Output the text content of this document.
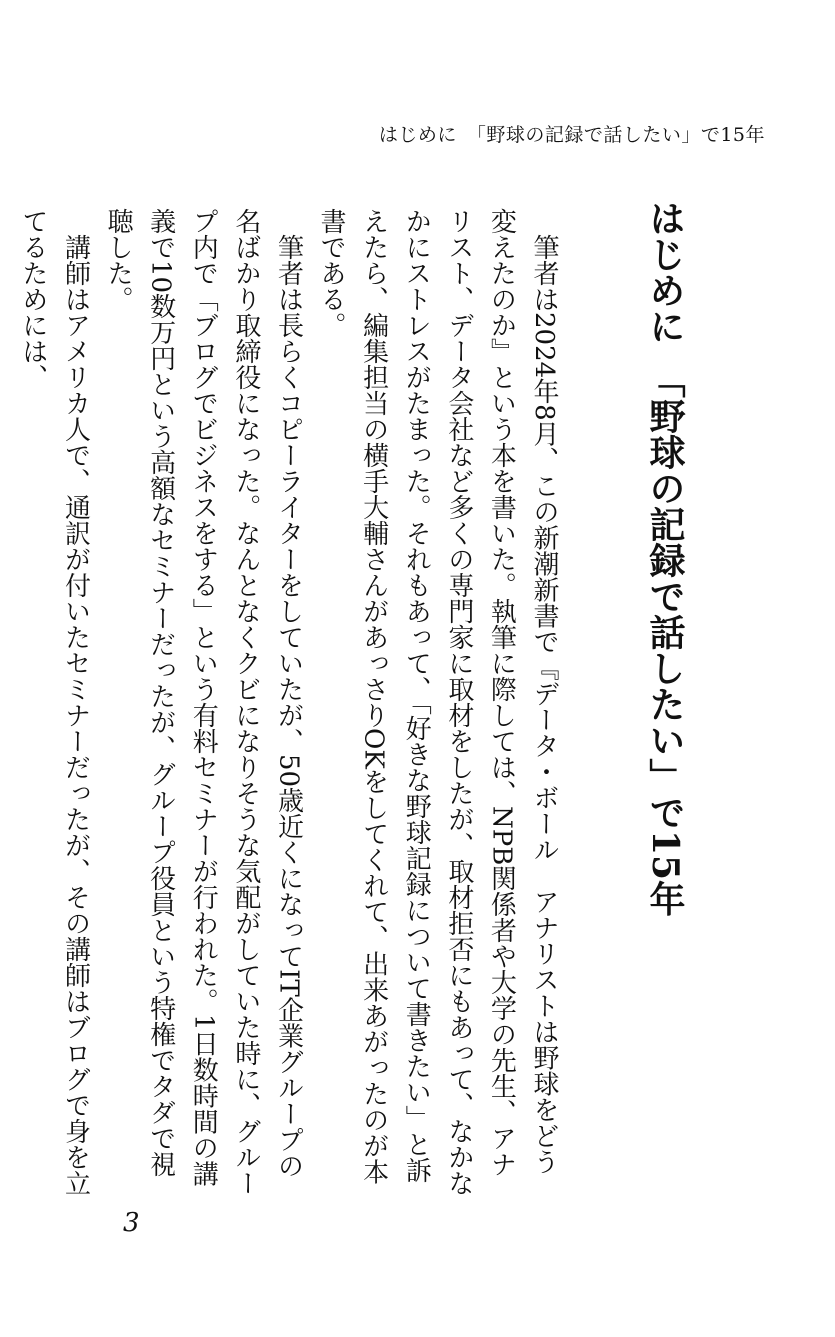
はじめに　「野球の記録で話したい」で15年
はじめに　「野球の記録で話したい」で15年

筆者は2024年8月、この新潮新書で『データ・ボール　アナリストは野球をどう変えたのか』という本を書いた。執筆に際しては、NPB関係者や大学の先生、アナリスト、データ会社など多くの専門家に取材をしたが、取材拒否にもあって、なかなかにストレスがたまった。それもあって、「好きな野球記録について書きたい」と訴えたら、編集担当の横手大輔さんがあっさりOKをしてくれて、出来あがったのが本書である。

筆者は長らくコピーライターをしていたが、50歳近くになってIT企業グループの名ばかり取締役になった。なんとなくクビになりそうな気配がしていた時に、グループ内で「ブログでビジネスをする」という有料セミナーが行われた。1日数時間の講義で10数万円という高額なセミナーだったが、グループ役員という特権でタダで視聴した。

講師はアメリカ人で、通訳が付いたセミナーだったが、その講師はブログで身を立てるためには、

3
